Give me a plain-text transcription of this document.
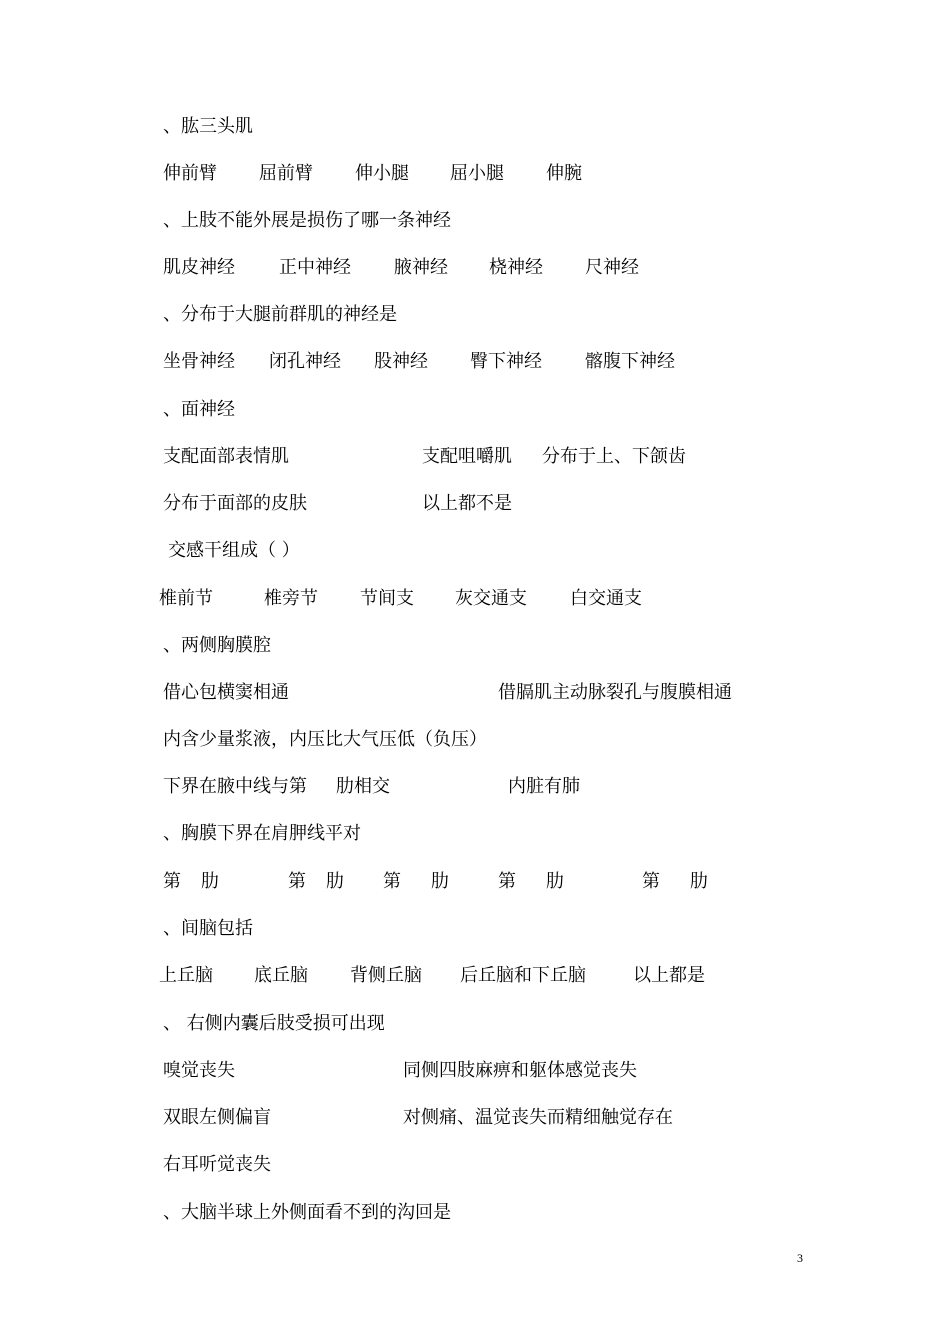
、肱三头肌
伸前臂 屈前臂 伸小腿 屈小腿 伸腕
、上肢不能外展是损伤了哪一条神经
肌皮神经 正中神经 腋神经 桡神经 尺神经
、分布于大腿前群肌的神经是
坐骨神经 闭孔神经 股神经 臀下神经 髂腹下神经
、面神经
支配面部表情肌	支配咀嚼肌 分布于上、下颌齿
分布于面部的皮肤	以上都不是
交感干组成（ ）
椎前节	椎旁节 节间支 灰交通支 白交通支
、两侧胸膜腔
借心包横窦相通	借膈肌主动脉裂孔与腹膜相通
内含少量浆液，内压比大气压低（负压）
下界在腋中线与第 肋相交	内脏有肺
、胸膜下界在肩胛线平对
第 肋	第 肋 第 肋	第 肋	第 肋
、间脑包括
上丘脑 底丘脑 背侧丘脑 后丘脑和下丘脑	以上都是
、 右侧内囊后肢受损可出现
嗅觉丧失	同侧四肢麻痹和躯体感觉丧失
双眼左侧偏盲	对侧痛、温觉丧失而精细触觉存在
右耳听觉丧失
、大脑半球上外侧面看不到的沟回是
3
